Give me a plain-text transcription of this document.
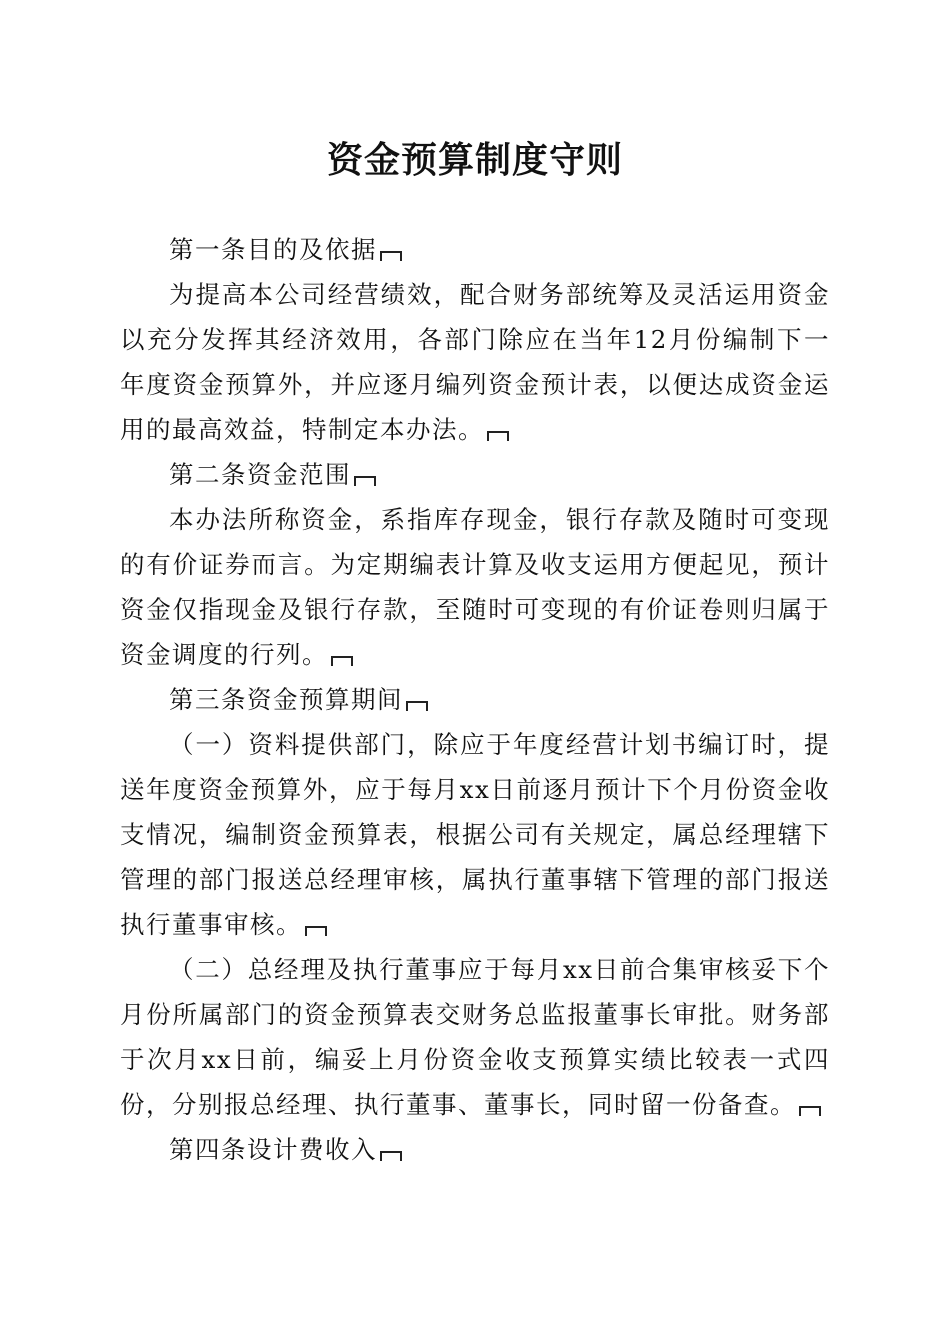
资金预算制度守则

第一条目的及依据

为提高本公司经营绩效，配合财务部统筹及灵活运用资金以充分发挥其经济效用，各部门除应在当年12月份编制下一年度资金预算外，并应逐月编列资金预计表，以便达成资金运用的最高效益，特制定本办法。

第二条资金范围

本办法所称资金，系指库存现金，银行存款及随时可变现的有价证券而言。为定期编表计算及收支运用方便起见，预计资金仅指现金及银行存款，至随时可变现的有价证卷则归属于资金调度的行列。

第三条资金预算期间

（一）资料提供部门，除应于年度经营计划书编订时，提送年度资金预算外，应于每月xx日前逐月预计下个月份资金收支情况，编制资金预算表，根据公司有关规定，属总经理辖下管理的部门报送总经理审核，属执行董事辖下管理的部门报送执行董事审核。

（二）总经理及执行董事应于每月xx日前合集审核妥下个月份所属部门的资金预算表交财务总监报董事长审批。财务部于次月xx日前，编妥上月份资金收支预算实绩比较表一式四份，分别报总经理、执行董事、董事长，同时留一份备查。

第四条设计费收入
